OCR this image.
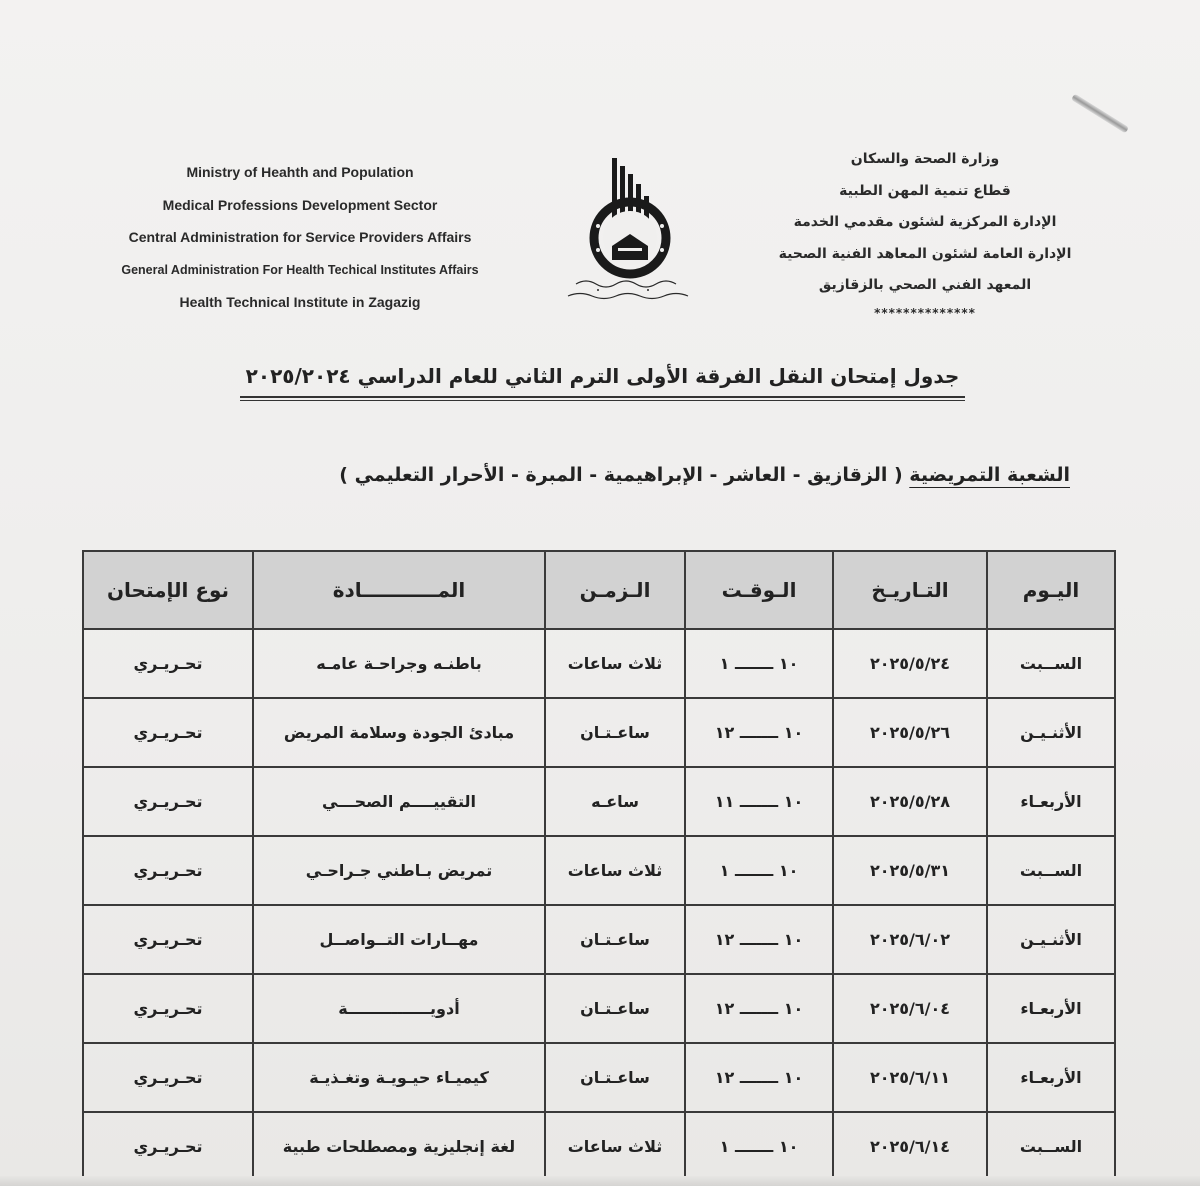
Ministry of Heahth and Population
Medical Professions Development Sector
Central Administration for Service Providers Affairs
General Administration For Health Techical Institutes Affairs
Health Technical Institute in Zagazig
وزارة الصحة والسكان
قطاع تنمية المهن الطبية
الإدارة المركزية لشئون مقدمي الخدمة
الإدارة العامة لشئون المعاهد الفنية الصحية
المعهد الفني الصحي بالزقازيق
**************
جدول إمتحان النقل الفرقة الأولى الترم الثاني للعام الدراسي ٢٠٢٥/٢٠٢٤
الشعبة التمريضية ( الزقازيق - العاشر - الإبراهيمية - المبرة - الأحرار التعليمي )
اليـوم	التـاريـخ	الـوقـت	الـزمـن	المـــــــــــادة	نوع الإمتحان
الســبت	٢٠٢٥/٥/٢٤	١٠ ـــــــ ١	ثلاث ساعات	باطنـه وجراحـة عامـه	تحـريـري
الأثنـيـن	٢٠٢٥/٥/٢٦	١٠ ـــــــ ١٢	ساعـتـان	مبادئ الجودة وسلامة المريض	تحـريـري
الأربعـاء	٢٠٢٥/٥/٢٨	١٠ ـــــــ ١١	ساعـه	التقييــــم الصحـــي	تحـريـري
الســبت	٢٠٢٥/٥/٣١	١٠ ـــــــ ١	ثلاث ساعات	تمريض بـاطني جـراحـي	تحـريـري
الأثنـيـن	٢٠٢٥/٦/٠٢	١٠ ـــــــ ١٢	ساعـتـان	مهــارات التــواصــل	تحـريـري
الأربعـاء	٢٠٢٥/٦/٠٤	١٠ ـــــــ ١٢	ساعـتـان	أدويـــــــــــــــة	تحـريـري
الأربعـاء	٢٠٢٥/٦/١١	١٠ ـــــــ ١٢	ساعـتـان	كيميـاء حيـويـة وتغـذيـة	تحـريـري
الســبت	٢٠٢٥/٦/١٤	١٠ ـــــــ ١	ثلاث ساعات	لغة إنجليزية ومصطلحات طبية	تحـريـري
